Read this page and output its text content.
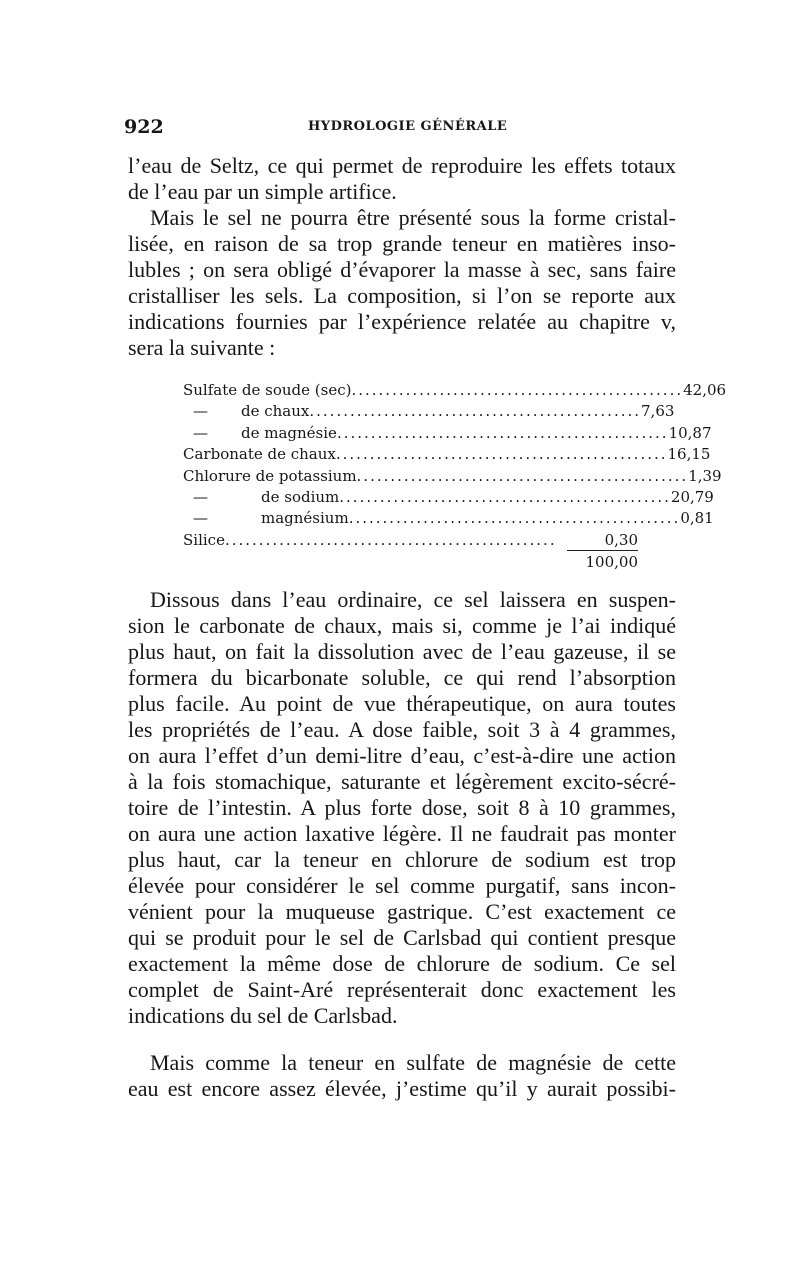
922	HYDROLOGIE GÉNÉRALE
l’eau de Seltz, ce qui permet de reproduire les effets totaux
de l’eau par un simple artifice.
Mais le sel ne pourra être présenté sous la forme cristal-
lisée, en raison de sa trop grande teneur en matières inso-
lubles ; on sera obligé d’évaporer la masse à sec, sans faire
cristalliser les sels. La composition, si l’on se reporte aux
indications fournies par l’expérience relatée au chapitre v,
sera la suivante :
Sulfate de soude (sec) ................................................. 42,06
— de chaux ................................................. 7,63
— de magnésie ................................................. 10,87
Carbonate de chaux ................................................. 16,15
Chlorure de potassium ................................................. 1,39
—	de sodium ................................................. 20,79
—	magnésium ................................................. 0,81
Silice .................................................	0,30
100,00
Dissous dans l’eau ordinaire, ce sel laissera en suspen-
sion le carbonate de chaux, mais si, comme je l’ai indiqué
plus haut, on fait la dissolution avec de l’eau gazeuse, il se
formera du bicarbonate soluble, ce qui rend l’absorption
plus facile. Au point de vue thérapeutique, on aura toutes
les propriétés de l’eau. A dose faible, soit 3 à 4 grammes,
on aura l’effet d’un demi-litre d’eau, c’est-à-dire une action
à la fois stomachique, saturante et légèrement excito-sécré-
toire de l’intestin. A plus forte dose, soit 8 à 10 grammes,
on aura une action laxative légère. Il ne faudrait pas monter
plus haut, car la teneur en chlorure de sodium est trop
élevée pour considérer le sel comme purgatif, sans incon-
vénient pour la muqueuse gastrique. C’est exactement ce
qui se produit pour le sel de Carlsbad qui contient presque
exactement la même dose de chlorure de sodium. Ce sel
complet de Saint-Aré représenterait donc exactement les
indications du sel de Carlsbad.
Mais comme la teneur en sulfate de magnésie de cette
eau est encore assez élevée, j’estime qu’il y aurait possibi-
